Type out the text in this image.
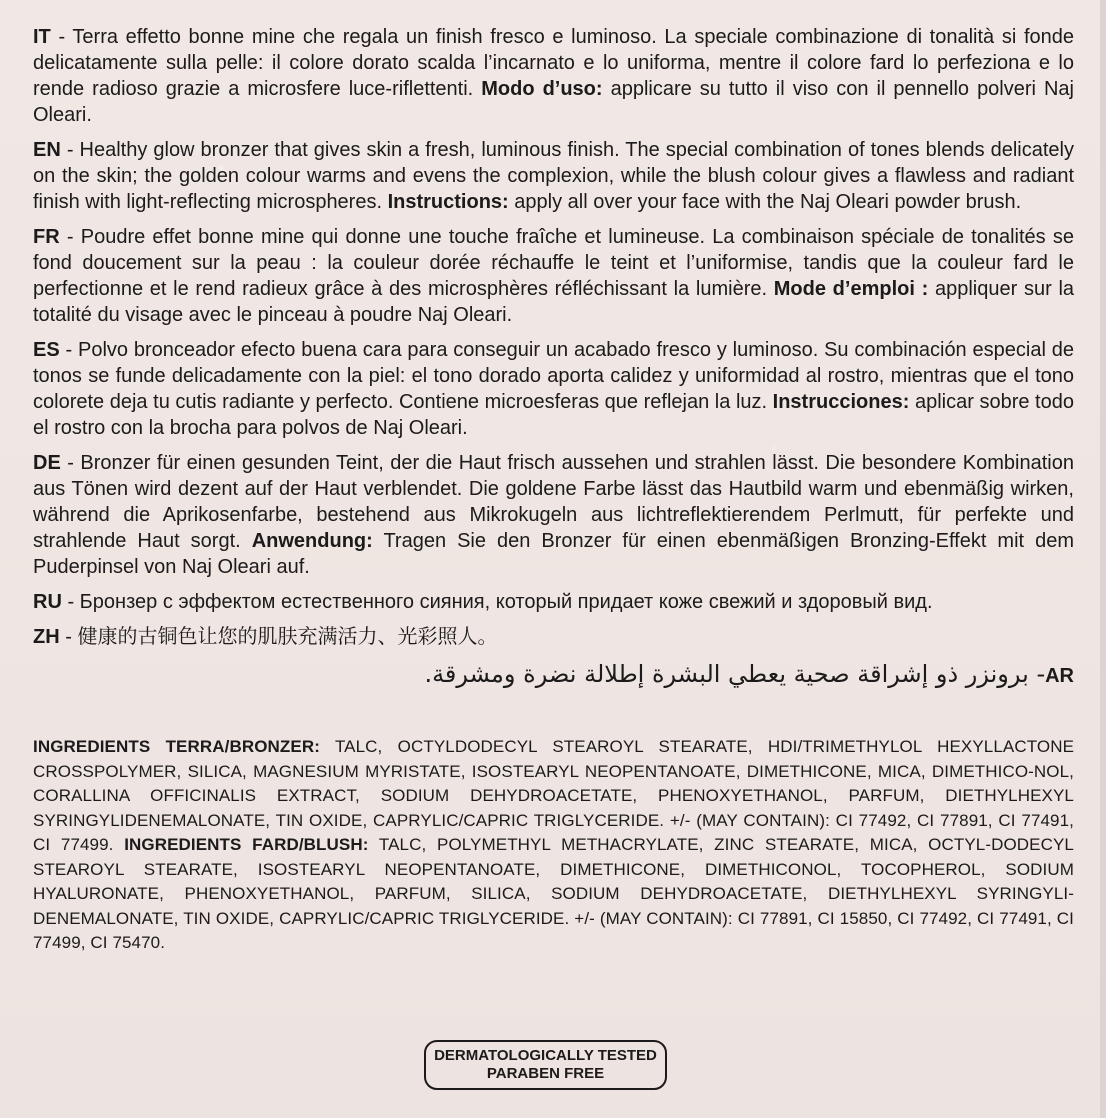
IT - Terra effetto bonne mine che regala un finish fresco e luminoso. La speciale combinazione di tonalità si fonde delicatamente sulla pelle: il colore dorato scalda l’incarnato e lo uniforma, mentre il colore fard lo perfeziona e lo rende radioso grazie a microsfere luce-riflettenti. Modo d’uso: applicare su tutto il viso con il pennello polveri Naj Oleari.

EN - Healthy glow bronzer that gives skin a fresh, luminous finish. The special combination of tones blends delicately on the skin; the golden colour warms and evens the complexion, while the blush colour gives a flawless and radiant finish with light-reflecting microspheres. Instructions: apply all over your face with the Naj Oleari powder brush.

FR - Poudre effet bonne mine qui donne une touche fraîche et lumineuse. La combinaison spéciale de tonalités se fond doucement sur la peau : la couleur dorée réchauffe le teint et l’uniformise, tandis que la couleur fard le perfectionne et le rend radieux grâce à des microsphères réfléchissant la lumière. Mode d’emploi : appliquer sur la totalité du visage avec le pinceau à poudre Naj Oleari.

ES - Polvo bronceador efecto buena cara para conseguir un acabado fresco y luminoso. Su combinación especial de tonos se funde delicadamente con la piel: el tono dorado aporta calidez y uniformidad al rostro, mientras que el tono colorete deja tu cutis radiante y perfecto. Contiene microesferas que reflejan la luz. Instrucciones: aplicar sobre todo el rostro con la brocha para polvos de Naj Oleari.

DE - Bronzer für einen gesunden Teint, der die Haut frisch aussehen und strahlen lässt. Die besondere Kombination aus Tönen wird dezent auf der Haut verblendet. Die goldene Farbe lässt das Hautbild warm und ebenmäßig wirken, während die Aprikosenfarbe, bestehend aus Mikrokugeln aus lichtreflektierendem Perlmutt, für perfekte und strahlende Haut sorgt. Anwendung: Tragen Sie den Bronzer für einen ebenmäßigen Bronzing-Effekt mit dem Puderpinsel von Naj Oleari auf.

RU - Бронзер с эффектом естественного сияния, который придает коже свежий и здоровый вид.

ZH - 健康的古铜色让您的肌肤充满活力、光彩照人。

- برونزر ذو إشراقة صحية يعطي البشرة إطلالة نضرة ومشرقة.AR

INGREDIENTS TERRA/BRONZER: TALC, OCTYLDODECYL STEAROYL STEARATE, HDI/TRIMETHYLOL HEXYLLACTONE CROSSPOLYMER, SILICA, MAGNESIUM MYRISTATE, ISOSTEARYL NEOPENTANOATE, DIMETHICONE, MICA, DIMETHICO-NOL, CORALLINA OFFICINALIS EXTRACT, SODIUM DEHYDROACETATE, PHENOXYETHANOL, PARFUM, DIETHYLHEXYL SYRINGYLIDENEMALONATE, TIN OXIDE, CAPRYLIC/CAPRIC TRIGLYCERIDE. +/- (MAY CONTAIN): CI 77492, CI 77891, CI 77491, CI 77499. INGREDIENTS FARD/BLUSH: TALC, POLYMETHYL METHACRYLATE, ZINC STEARATE, MICA, OCTYL-DODECYL STEAROYL STEARATE, ISOSTEARYL NEOPENTANOATE, DIMETHICONE, DIMETHICONOL, TOCOPHEROL, SODIUM HYALURONATE, PHENOXYETHANOL, PARFUM, SILICA, SODIUM DEHYDROACETATE, DIETHYLHEXYL SYRINGYLI-DENEMALONATE, TIN OXIDE, CAPRYLIC/CAPRIC TRIGLYCERIDE. +/- (MAY CONTAIN): CI 77891, CI 15850, CI 77492, CI 77491, CI 77499, CI 75470.

DERMATOLOGICALLY TESTED
PARABEN FREE
